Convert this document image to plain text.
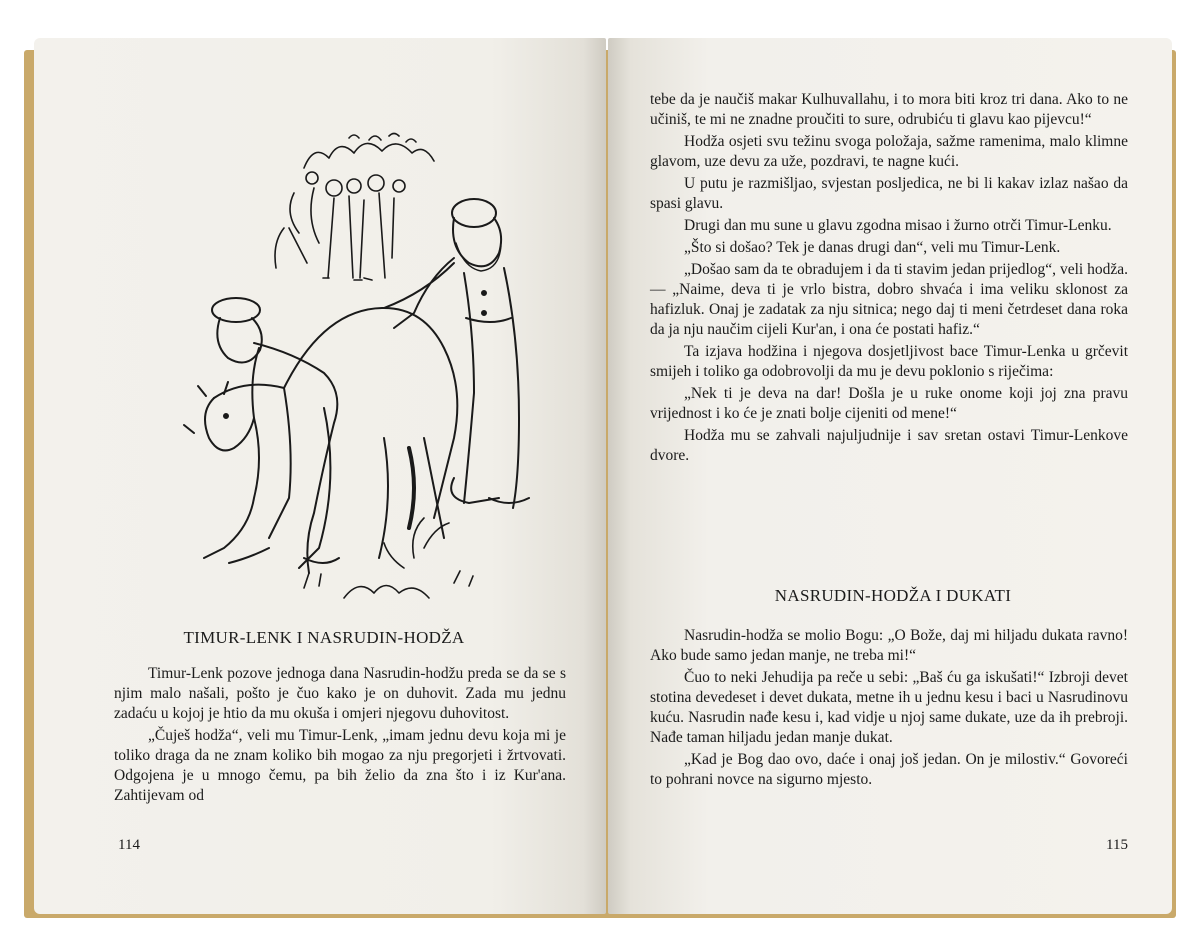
TIMUR-LENK I NASRUDIN-HODŽA

Timur-Lenk pozove jednoga dana Nasrudin-hodžu preda se da se s njim malo našali, pošto je čuo kako je on duhovit. Zada mu jednu zadaću u kojoj je htio da mu okuša i omjeri njegovu duhovitost.

„Čuješ hodža“, veli mu Timur-Lenk, „imam jednu devu koja mi je toliko draga da ne znam koliko bih mogao za nju pregorjeti i žrtvovati. Odgojena je u mnogo čemu, pa bih želio da zna što i iz Kur'ana. Zahtijevam od

114

tebe da je naučiš makar Kulhuvallahu, i to mora biti kroz tri dana. Ako to ne učiniš, te mi ne znadne proučiti to sure, odrubiću ti glavu kao pijevcu!“

Hodža osjeti svu težinu svoga položaja, sažme ramenima, malo klimne glavom, uze devu za uže, pozdravi, te nagne kući.

U putu je razmišljao, svjestan posljedica, ne bi li kakav izlaz našao da spasi glavu.

Drugi dan mu sune u glavu zgodna misao i žurno otrči Timur-Lenku.

„Što si došao? Tek je danas drugi dan“, veli mu Timur-Lenk.

„Došao sam da te obradujem i da ti stavim jedan prijedlog“, veli hodža. — „Naime, deva ti je vrlo bistra, dobro shvaća i ima veliku sklonost za hafizluk. Onaj je zadatak za nju sitnica; nego daj ti meni četrdeset dana roka da ja nju naučim cijeli Kur'an, i ona će postati hafiz.“

Ta izjava hodžina i njegova dosjetljivost bace Timur-Lenka u grčevit smijeh i toliko ga odobrovolji da mu je devu poklonio s riječima:

„Nek ti je deva na dar! Došla je u ruke onome koji joj zna pravu vrijednost i ko će je znati bolje cijeniti od mene!“

Hodža mu se zahvali najuljudnije i sav sretan ostavi Timur-Lenkove dvore.

NASRUDIN-HODŽA I DUKATI

Nasrudin-hodža se molio Bogu: „O Bože, daj mi hiljadu dukata ravno! Ako bude samo jedan manje, ne treba mi!“

Čuo to neki Jehudija pa reče u sebi: „Baš ću ga iskušati!“ Izbroji devet stotina devedeset i devet dukata, metne ih u jednu kesu i baci u Nasrudinovu kuću. Nasrudin nađe kesu i, kad vidje u njoj same dukate, uze da ih prebroji. Nađe taman hiljadu jedan manje dukat.

„Kad je Bog dao ovo, daće i onaj još jedan. On je milostiv.“ Govoreći to pohrani novce na sigurno mjesto.

115
